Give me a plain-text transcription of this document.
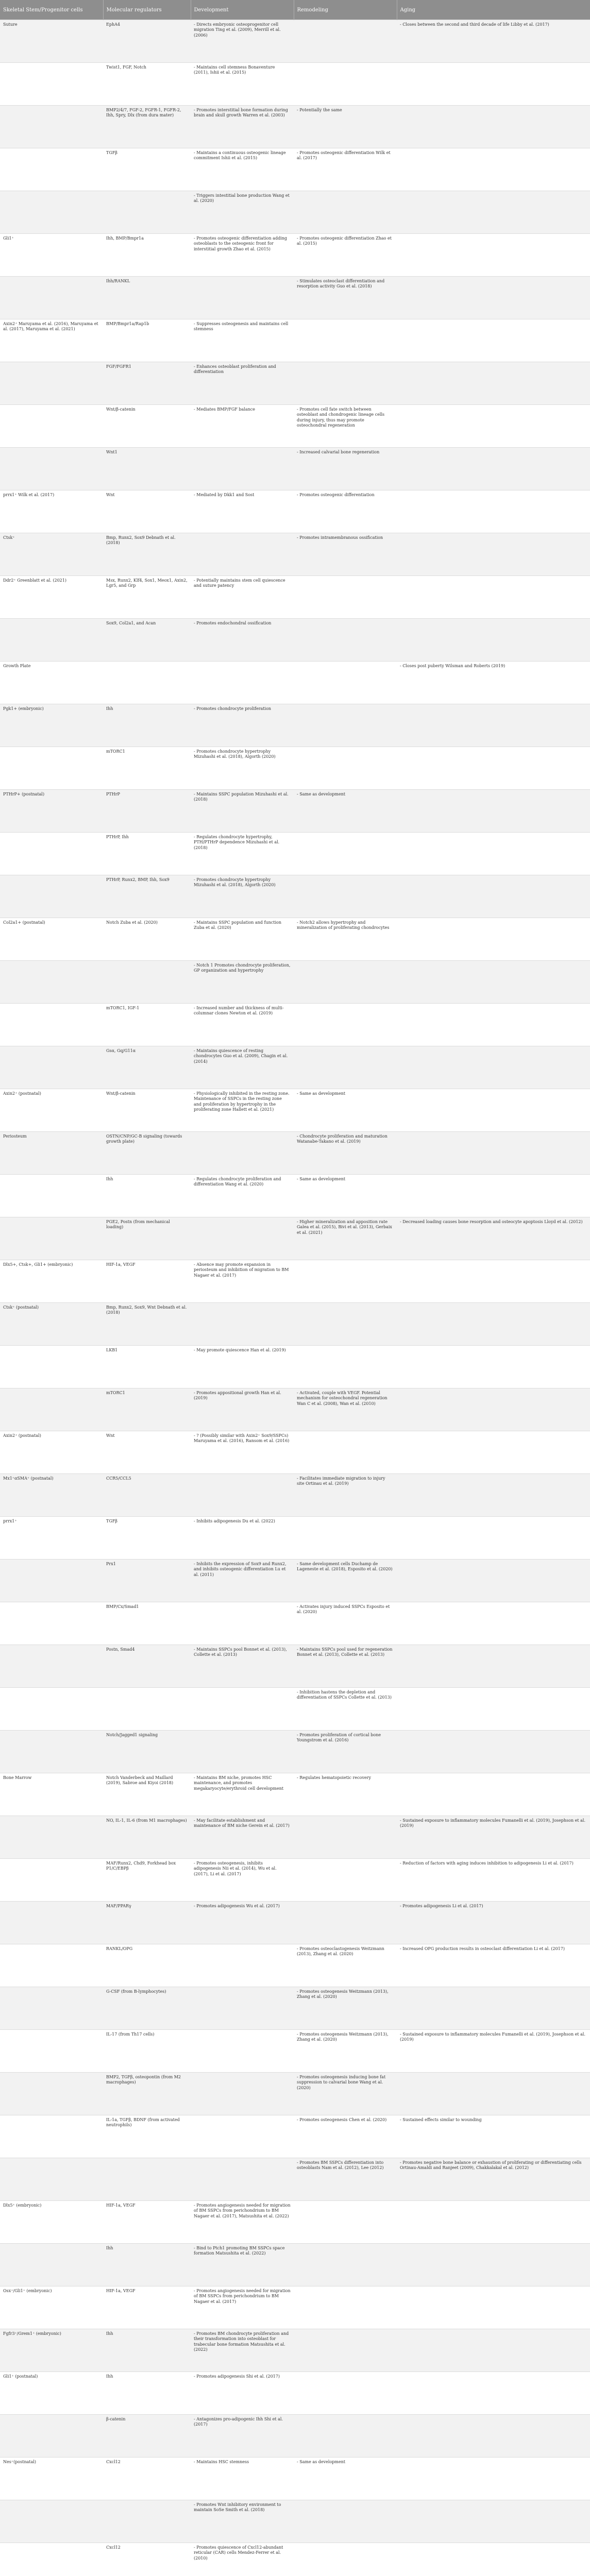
Skeletal Stem/Progenitor cells	Molecular regulators	Development	Remodeling	Aging
Suture	EphA4	- Directs embryonic osteoprogenitor cell migration Ting et al. (2009), Merrill et al. (2006)		- Closes between the second and third decade of life Libby et al. (2017)
	Twist1, FGF, Notch	- Maintains cell stemness Bonaventure (2011), Ishii et al. (2015)		
	BMP2/4/7, FGF-2, FGFR-1, FGFR-2, Ihh, Spry, Dlx (from dura mater)	- Promotes interstitial bone formation during brain and skull growth Warren et al. (2003)	- Potentially the same	
	TGFβ	- Maintains a continuous osteogenic lineage commitment Ishii et al. (2015)	- Promotes osteogenic differentiation Wilk et al. (2017)	
		- Triggers intestitial bone production Wang et al. (2020)		
Gli1⁺	Ihh, BMP/Bmpr1a	- Promotes osteogenic differentiation adding osteoblasts to the osteogenic front for interstitial growth Zhao et al. (2015)	- Promotes osteogenic differentiation Zhao et al. (2015)	
	Ihh/RANKL		- Stimulates osteoclast differentiation and resorption activity Guo et al. (2018)	
Axin2⁺ Maruyama et al. (2016), Maruyama et al. (2017), Maruyama et al. (2021)	BMP/Bmpr1a/Rap1b	- Suppresses osteogenesis and maintains cell stemness		
	FGF/FGFR1	- Enhances osteoblast proliferation and differentiation		
	Wnt/β-catenin	- Mediates BMP/FGF balance	- Promotes cell fate switch between osteoblast and chondrogenic lineage cells during injury, thus may promote osteochondral regeneration	
	Wnt1		- Increased calvarial bone regeneration	
prrx1⁺ Wilk et al. (2017)	Wnt	- Mediated by Dkk1 and Sost	- Promotes osteogenic differentiation	
Ctsk⁺	Bmp, Runx2, Sox9 Debnath et al. (2018)		- Promotes intramembranous ossification	
Ddr2⁺ Greenblatt et al. (2021)	Msx, Runx2, Klf4, Sox1, Meox1, Axin2, Lgr5, and Grp	- Potentially maintains stem cell quiescence and suture patency		
	Sox9, Col2a1, and Acan	- Promotes endochondral ossification		
Growth Plate				- Closes post puberty Wilsman and Roberts (2019)
Pgk1+ (embryonic)	Ihh	- Promotes chondrocyte proliferation		
	mTORC1	- Promotes chondrocyte hypertrophy Mizuhashi et al. (2018), Algorth (2020)		
PTHrP+ (postnatal)	PTHrP	- Maintains SSPC population Mizuhashi et al. (2018)	- Same as development	
	PTHrP, Ihh	- Regulates chondrocyte hypertrophy, PTH/PTHrP dependence Mizuhashi et al. (2018)		
	PTHrP, Runx2, BMP, Ihh, Sox9	- Promotes chondrocyte hypertrophy Mizuhashi et al. (2018), Algorth (2020)		
Col2a1+ (postnatal)	Notch Zuba et al. (2020)	- Maintains SSPC population and function Zuba et al. (2020)	- Notch2 allows hypertrophy and mineralization of proliferating chondrocytes	
		- Notch 1 Promotes chondrocyte proliferation, GP organization and hypertrophy		
	mTORC1, IGF-1	- Increased number and thickness of multi-columnar clones Newton et al. (2019)		
	Gsα, Gq/G11α	- Maintains quiescence of resting chondrocytes Guo et al. (2009), Chagin et al. (2014)		
Axin2⁺ (postnatal)	Wnt/β-catenin	- Physiologically inhibited in the resting zone. Maintenance of SSPCs in the resting zone and proliferation by hypertrophy in the proliferating zone Hallett et al. (2021)	- Same as development	
Periosteum	OSTN/CNP/GC-B signaling (towards growth plate)		- Chondrocyte proliferation and maturation Watanabe-Takano et al. (2019)	
	Ihh	- Regulates chondrocyte proliferation and differentiation Wang et al. (2020)	- Same as development	
	PGE2, Postn (from mechanical loading)		- Higher mineralization and apposition rate Galea et al. (2015), Bivi et al. (2013), Gerbaix et al. (2021)	- Decreased loading causes bone resorption and osteocyte apoptosis Lloyd et al. (2012)
Dlx5+, Ctsk+, Gli1+ (embryonic)	HIF-1a, VEGF	- Absence may promote expansion in periosteum and inhibition of migration to BM Nagaer et al. (2017)		
Ctsk⁺ (postnatal)	Bmp, Runx2, Sox9, Wnt Debnath et al. (2018)			
	LKB1	- May promote quiescence Han et al. (2019)		
	mTORC1	- Promotes appositional growth Han et al. (2019)	- Activated, couple with VEGF. Potential mechanism for osteochondral regeneration Wan C et al. (2008), Wan et al. (2010)	
Axin2⁺ (postnatal)	Wnt	- ? (Possibly similar with Axin2⁺ Sox9/SSPCs) Maruyama et al. (2016), Ransom et al. (2016)		
Mx1⁺αSMA⁺ (postnatal)	CCR5/CCL5		- Facilitates immediate migration to injury site Ortinau et al. (2019)	
prrx1⁺	TGFβ	- Inhibits adipogenesis Du et al. (2022)		
	Prx1	- Inhibits the expression of Sox9 and Runx2, and inhibits osteogenic differentiation Lu et al. (2011)	- Same development cells Duchamp de Lageneste et al. (2018), Esposito et al. (2020)	
	BMP/Cx/Smad1		- Activates injury induced SSPCs Esposito et al. (2020)	
	Postn, Smad4	- Maintains SSPCs pool Bonnet et al. (2013), Collette et al. (2013)	- Maintains SSPCs pool used for regeneration Bonnet et al. (2013), Collette et al. (2013)	
			- Inhibition hastens the depletion and differentiation of SSPCs Collette et al. (2013)	
	Notch/Jagged1 signaling		- Promotes proliferation of cortical bone Youngstrom et al. (2016)	
Bone Marrow	Notch Vanderbeck and Maillard (2019), Sabroe and Kiyoi (2018)	- Maintains BM niche, promotes HSC maintenance, and promotes megakaryocyte/erythroid cell development	- Regulates hematopoietic recovery	
	NO, IL-1, IL-6 (from M1 macrophages)	- May facilitate establishment and maintenance of BM niche Gerein et al. (2017)		- Sustained exposure to inflammatory molecules Fumanelli et al. (2019), Josephson et al. (2019)
	MAF/Runx2, Chd9, Forkhead box P1/C/EBPβ	- Promotes osteogenesis, inhibits adipogenesis Nii et al. (2014), Wu et al. (2017), Li et al. (2017)		- Reduction of factors with aging induces inhibition to adipogenesis Li et al. (2017)
	MAF/PPARγ	- Promotes adipogenesis Wu et al. (2017)		- Promotes adipogenesis Li et al. (2017)
	RANKL/OPG		- Promotes osteoclastogenesis Weitzmann (2013), Zhang et al. (2020)	- Increased OPG production results in osteoclast differentiation Li et al. (2017)
	G-CSF (from B-lymphocytes)		- Promotes osteogenesis Weitzmann (2013), Zhang et al. (2020)	
	IL-17 (from Th17 cells)		- Promotes osteogenesis Weitzmann (2013), Zhang et al. (2020)	- Sustained exposure to inflammatory molecules Fumanelli et al. (2019), Josephson et al. (2019)
	BMP2, TGFβ, osteopontin (from M2 macrophages)		- Promotes osteogenesis inducing bone fat suppression to calvarial bone Wang et al. (2020)	
	IL-1a, TGFβ, BDNF (from activated neutrophils)		- Promotes osteogenesis Chen et al. (2020)	- Sustained effects similar to wounding
			- Promotes BM SSPCs differentiation into osteoblasts Nam et al. (2012), Lee (2012)	- Promotes negative bone balance or exhaustion of proliferating or differentiating cells Ortinau-Amaldi and Ranjeet (2009), Chakkalakal et al. (2012)
Dlx5⁺ (embryonic)	HIF-1a, VEGF	- Promotes angiogenesis needed for migration of BM SSPCs from perichondrium to BM Nagaer et al. (2017), Matsushita et al. (2022)		
	Ihh	- Bind to Ptch1 promoting BM SSPCs space formation Matsushita et al. (2022)		
Osx⁺/Gli1⁺ (embryonic)	HIF-1a, VEGF	- Promotes angiogenesis needed for migration of BM SSPCs from perichondrium to BM Nagaer et al. (2017)		
Fgfr3⁺/Grem1⁺ (embryonic)	Ihh	- Promotes BM chondrocyte proliferation and their transformation into osteoblast for trabecular bone formation Matsushita et al. (2022)		
Gli1⁺ (postnatal)	Ihh	- Promotes adipogenesis Shi et al. (2017)		
	β-catenin	- Antagonizes pro-adipogenic Ihh Shi et al. (2017)		
Nes⁺(postnatal)	Cxcl12	- Maintains HSC stemness	- Same as development	
		- Promotes Wnt inhibitory environment to maintain SoSe Smith et al. (2018)		
	Cxcl12	- Promotes quiescence of Cxcl12-abundant reticular (CAR) cells Mendez-Ferrer et al. (2010)		
